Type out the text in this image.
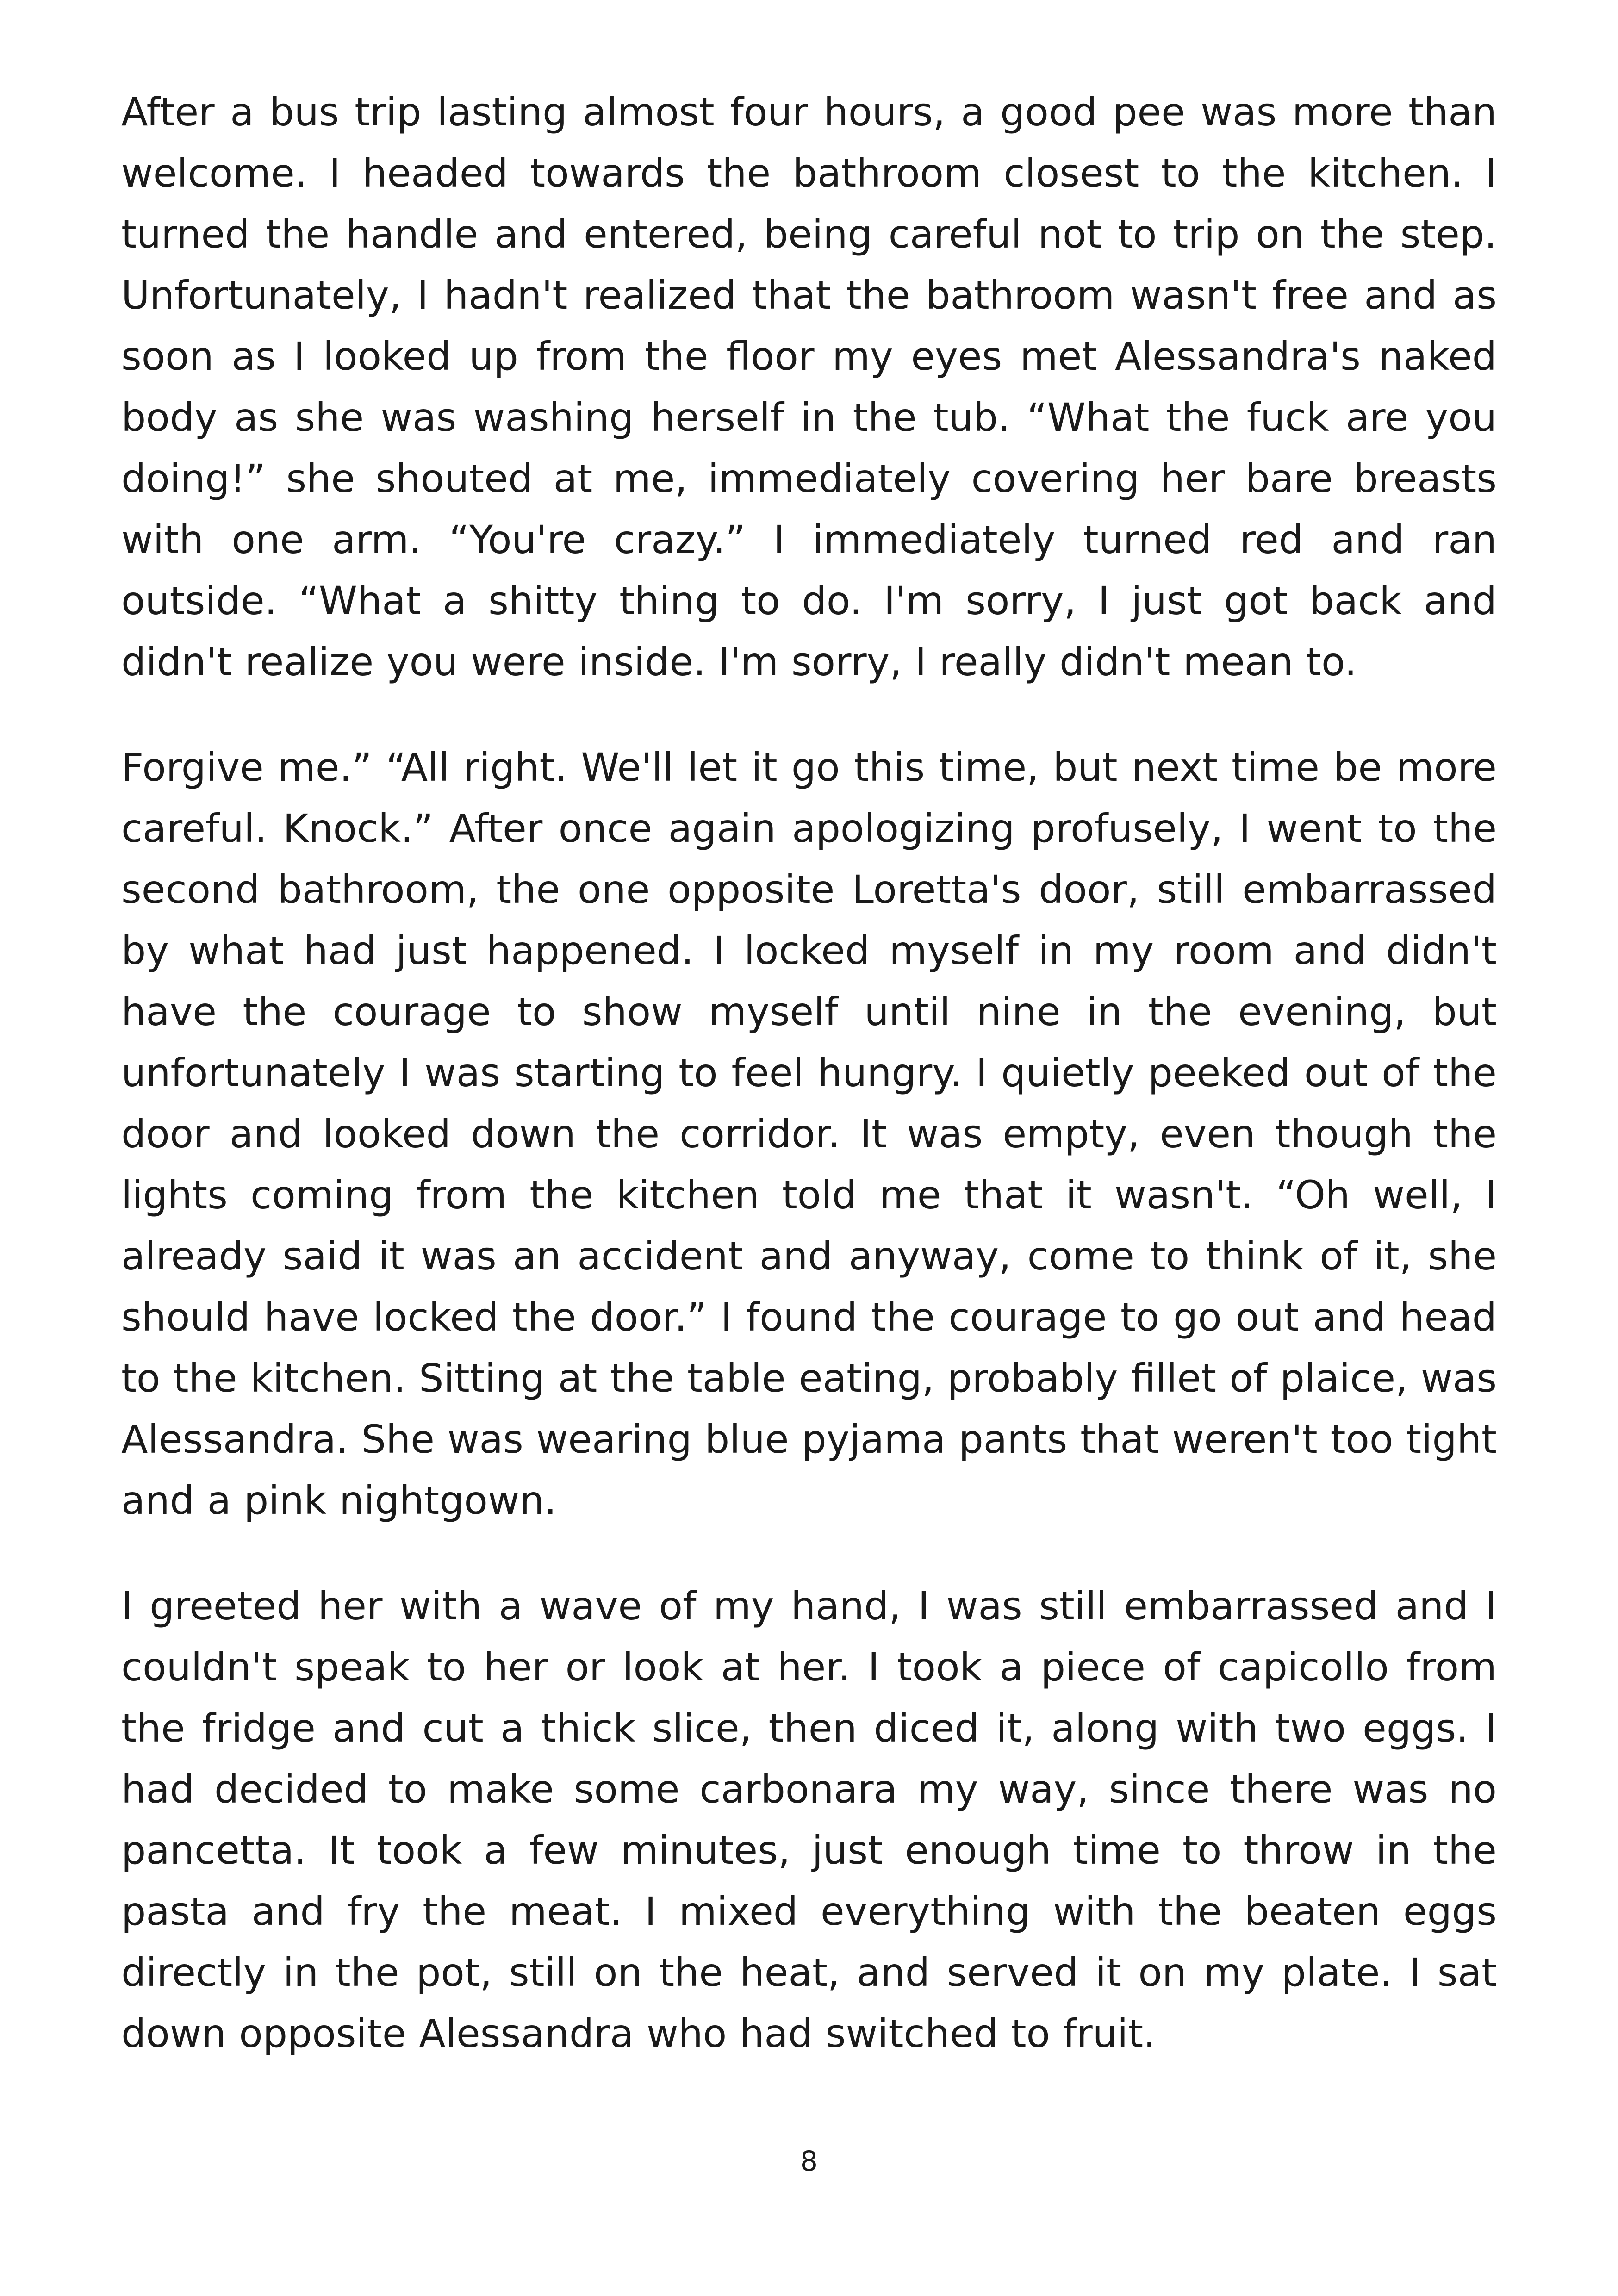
After a bus trip lasting almost four hours, a good pee was more than welcome. I headed towards the bathroom closest to the kitchen. I turned the handle and entered, being careful not to trip on the step. Unfortunately, I hadn't realized that the bathroom wasn't free and as soon as I looked up from the floor my eyes met Alessandra's naked body as she was washing herself in the tub. “What the fuck are you doing!” she shouted at me, immediately covering her bare breasts with one arm. “You're crazy.” I immediately turned red and ran outside. “What a shitty thing to do. I'm sorry, I just got back and didn't realize you were inside. I'm sorry, I really didn't mean to.

Forgive me.” “All right. We'll let it go this time, but next time be more careful. Knock.” After once again apologizing profusely, I went to the second bathroom, the one opposite Loretta's door, still embarrassed by what had just happened. I locked myself in my room and didn't have the courage to show myself until nine in the evening, but unfortunately I was starting to feel hungry. I quietly peeked out of the door and looked down the corridor. It was empty, even though the lights coming from the kitchen told me that it wasn't. “Oh well, I already said it was an accident and anyway, come to think of it, she should have locked the door.” I found the courage to go out and head to the kitchen. Sitting at the table eating, probably fillet of plaice, was Alessandra. She was wearing blue pyjama pants that weren't too tight and a pink nightgown.

I greeted her with a wave of my hand, I was still embarrassed and I couldn't speak to her or look at her. I took a piece of capicollo from the fridge and cut a thick slice, then diced it, along with two eggs. I had decided to make some carbonara my way, since there was no pancetta. It took a few minutes, just enough time to throw in the pasta and fry the meat. I mixed everything with the beaten eggs directly in the pot, still on the heat, and served it on my plate. I sat down opposite Alessandra who had switched to fruit.

8
